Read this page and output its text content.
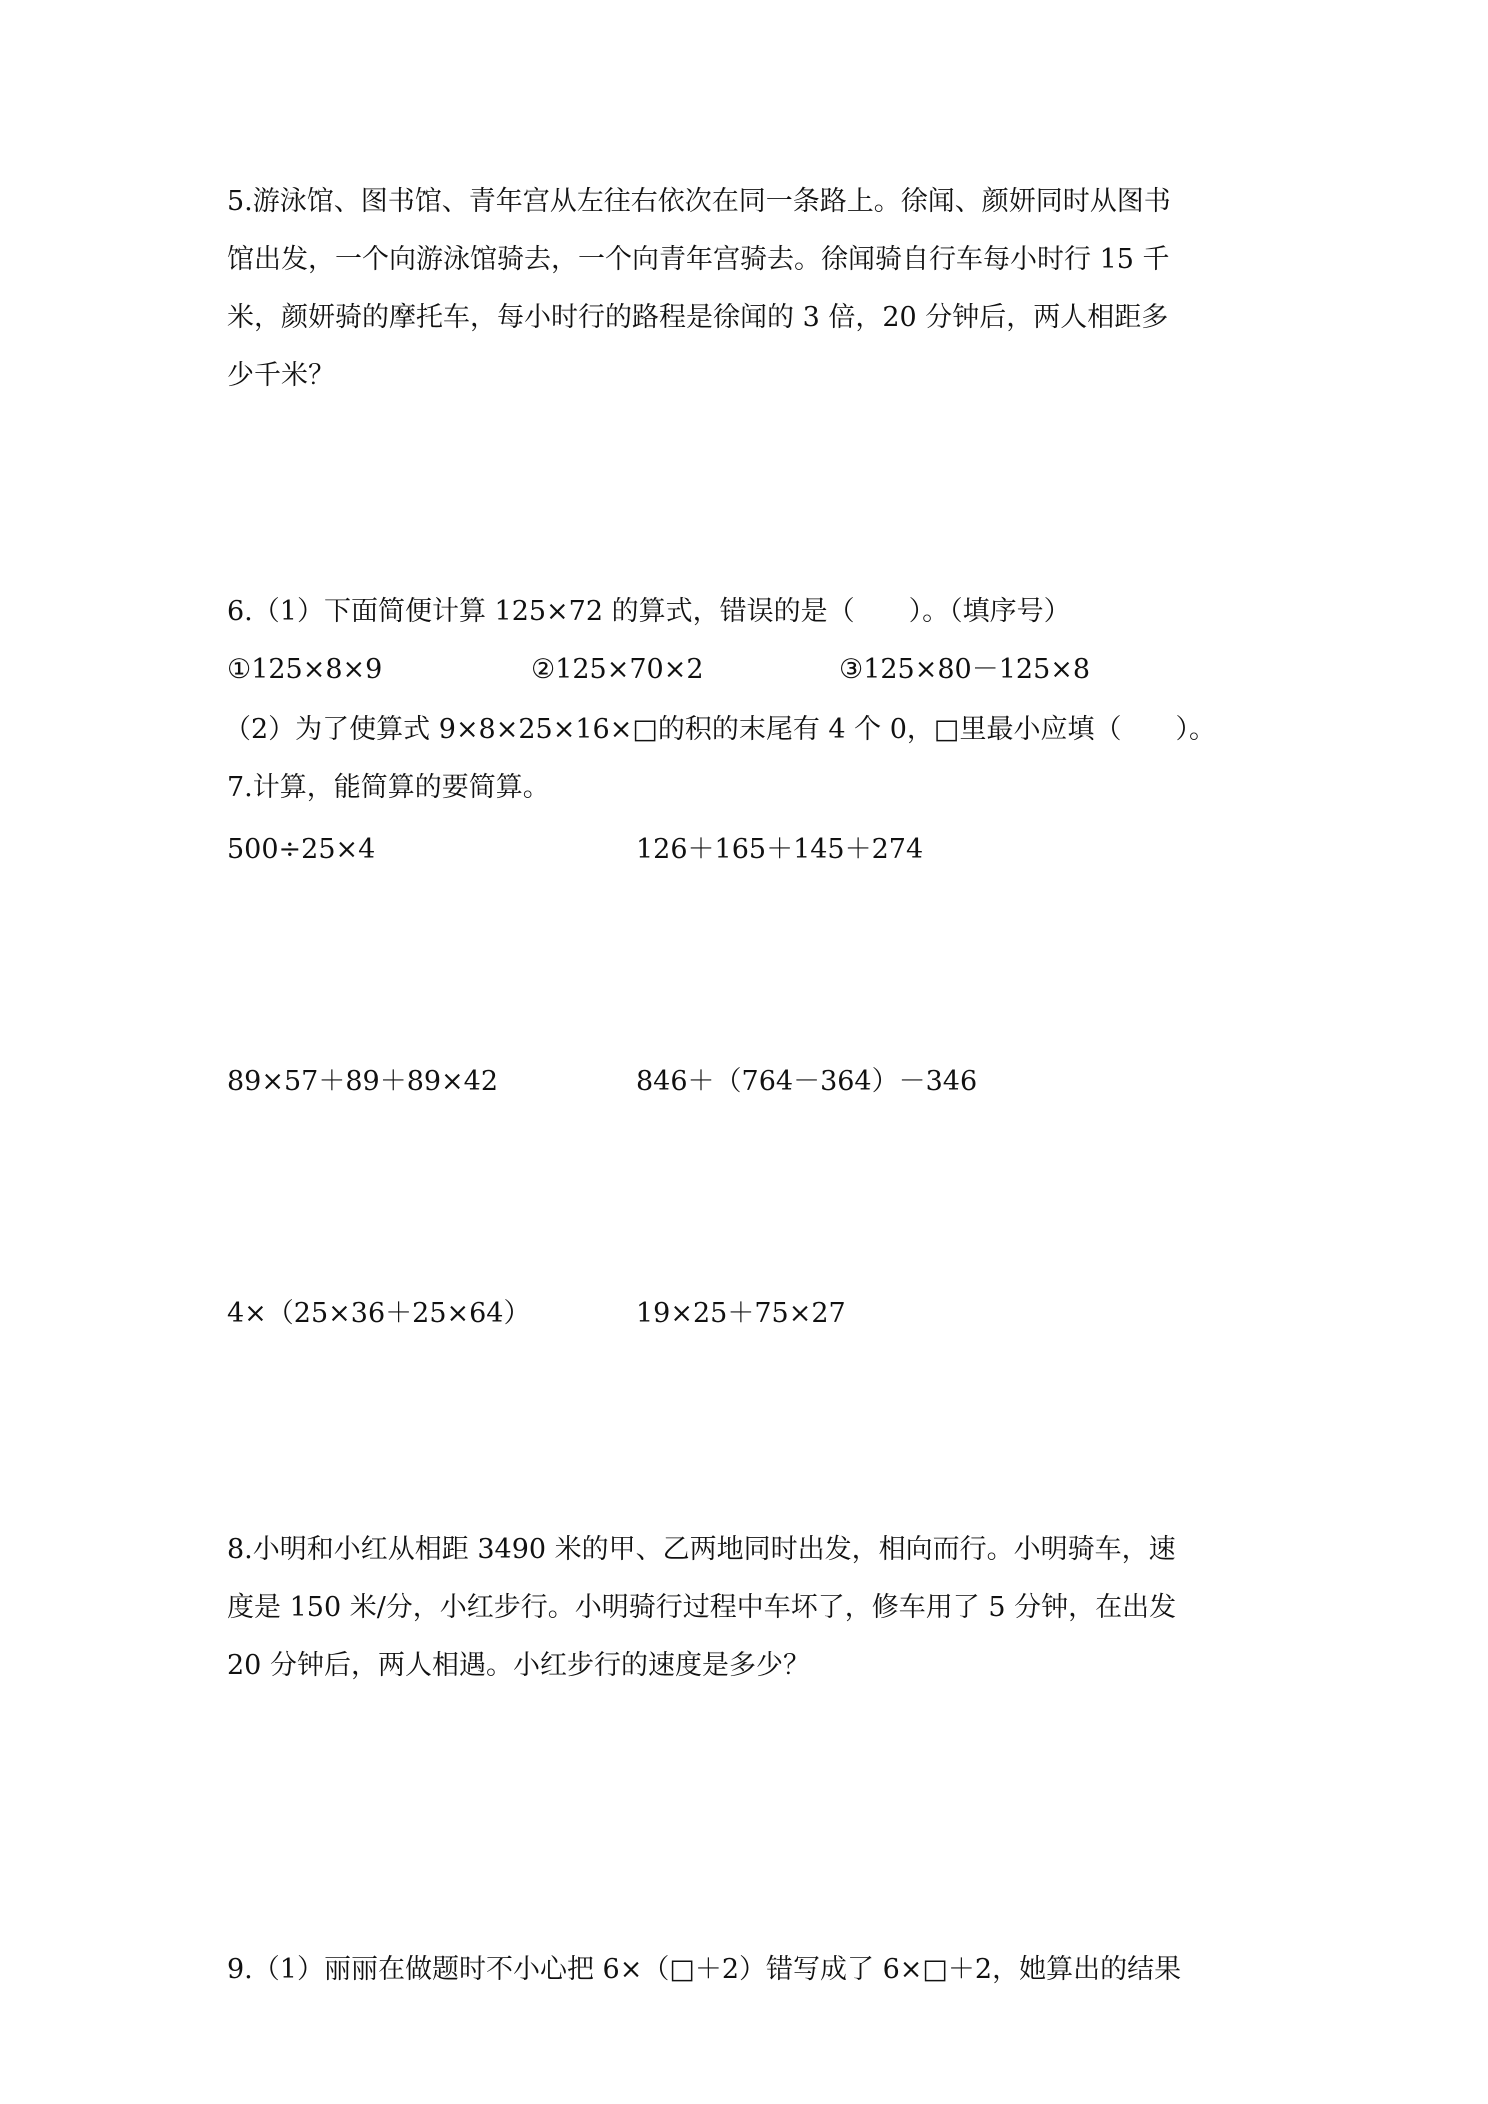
5.游泳馆、图书馆、青年宫从左往右依次在同一条路上。徐闻、颜妍同时从图书
馆出发，一个向游泳馆骑去，一个向青年宫骑去。徐闻骑自行车每小时行 15 千
米，颜妍骑的摩托车，每小时行的路程是徐闻的 3 倍，20 分钟后，两人相距多
少千米？
6.（1）下面简便计算 125×72 的算式，错误的是（　　）。（填序号）
①125×8×9	②125×70×2	③125×80－125×8
（2）为了使算式 9×8×25×16×□的积的末尾有 4 个 0，□里最小应填（　　）。
7.计算，能简算的要简算。
500÷25×4	126＋165＋145＋274
89×57＋89＋89×42	846＋（764－364）－346
4×（25×36＋25×64）	19×25＋75×27
8.小明和小红从相距 3490 米的甲、乙两地同时出发，相向而行。小明骑车，速
度是 150 米/分，小红步行。小明骑行过程中车坏了，修车用了 5 分钟，在出发
20 分钟后，两人相遇。小红步行的速度是多少？
9.（1）丽丽在做题时不小心把 6×（□＋2）错写成了 6×□＋2，她算出的结果
